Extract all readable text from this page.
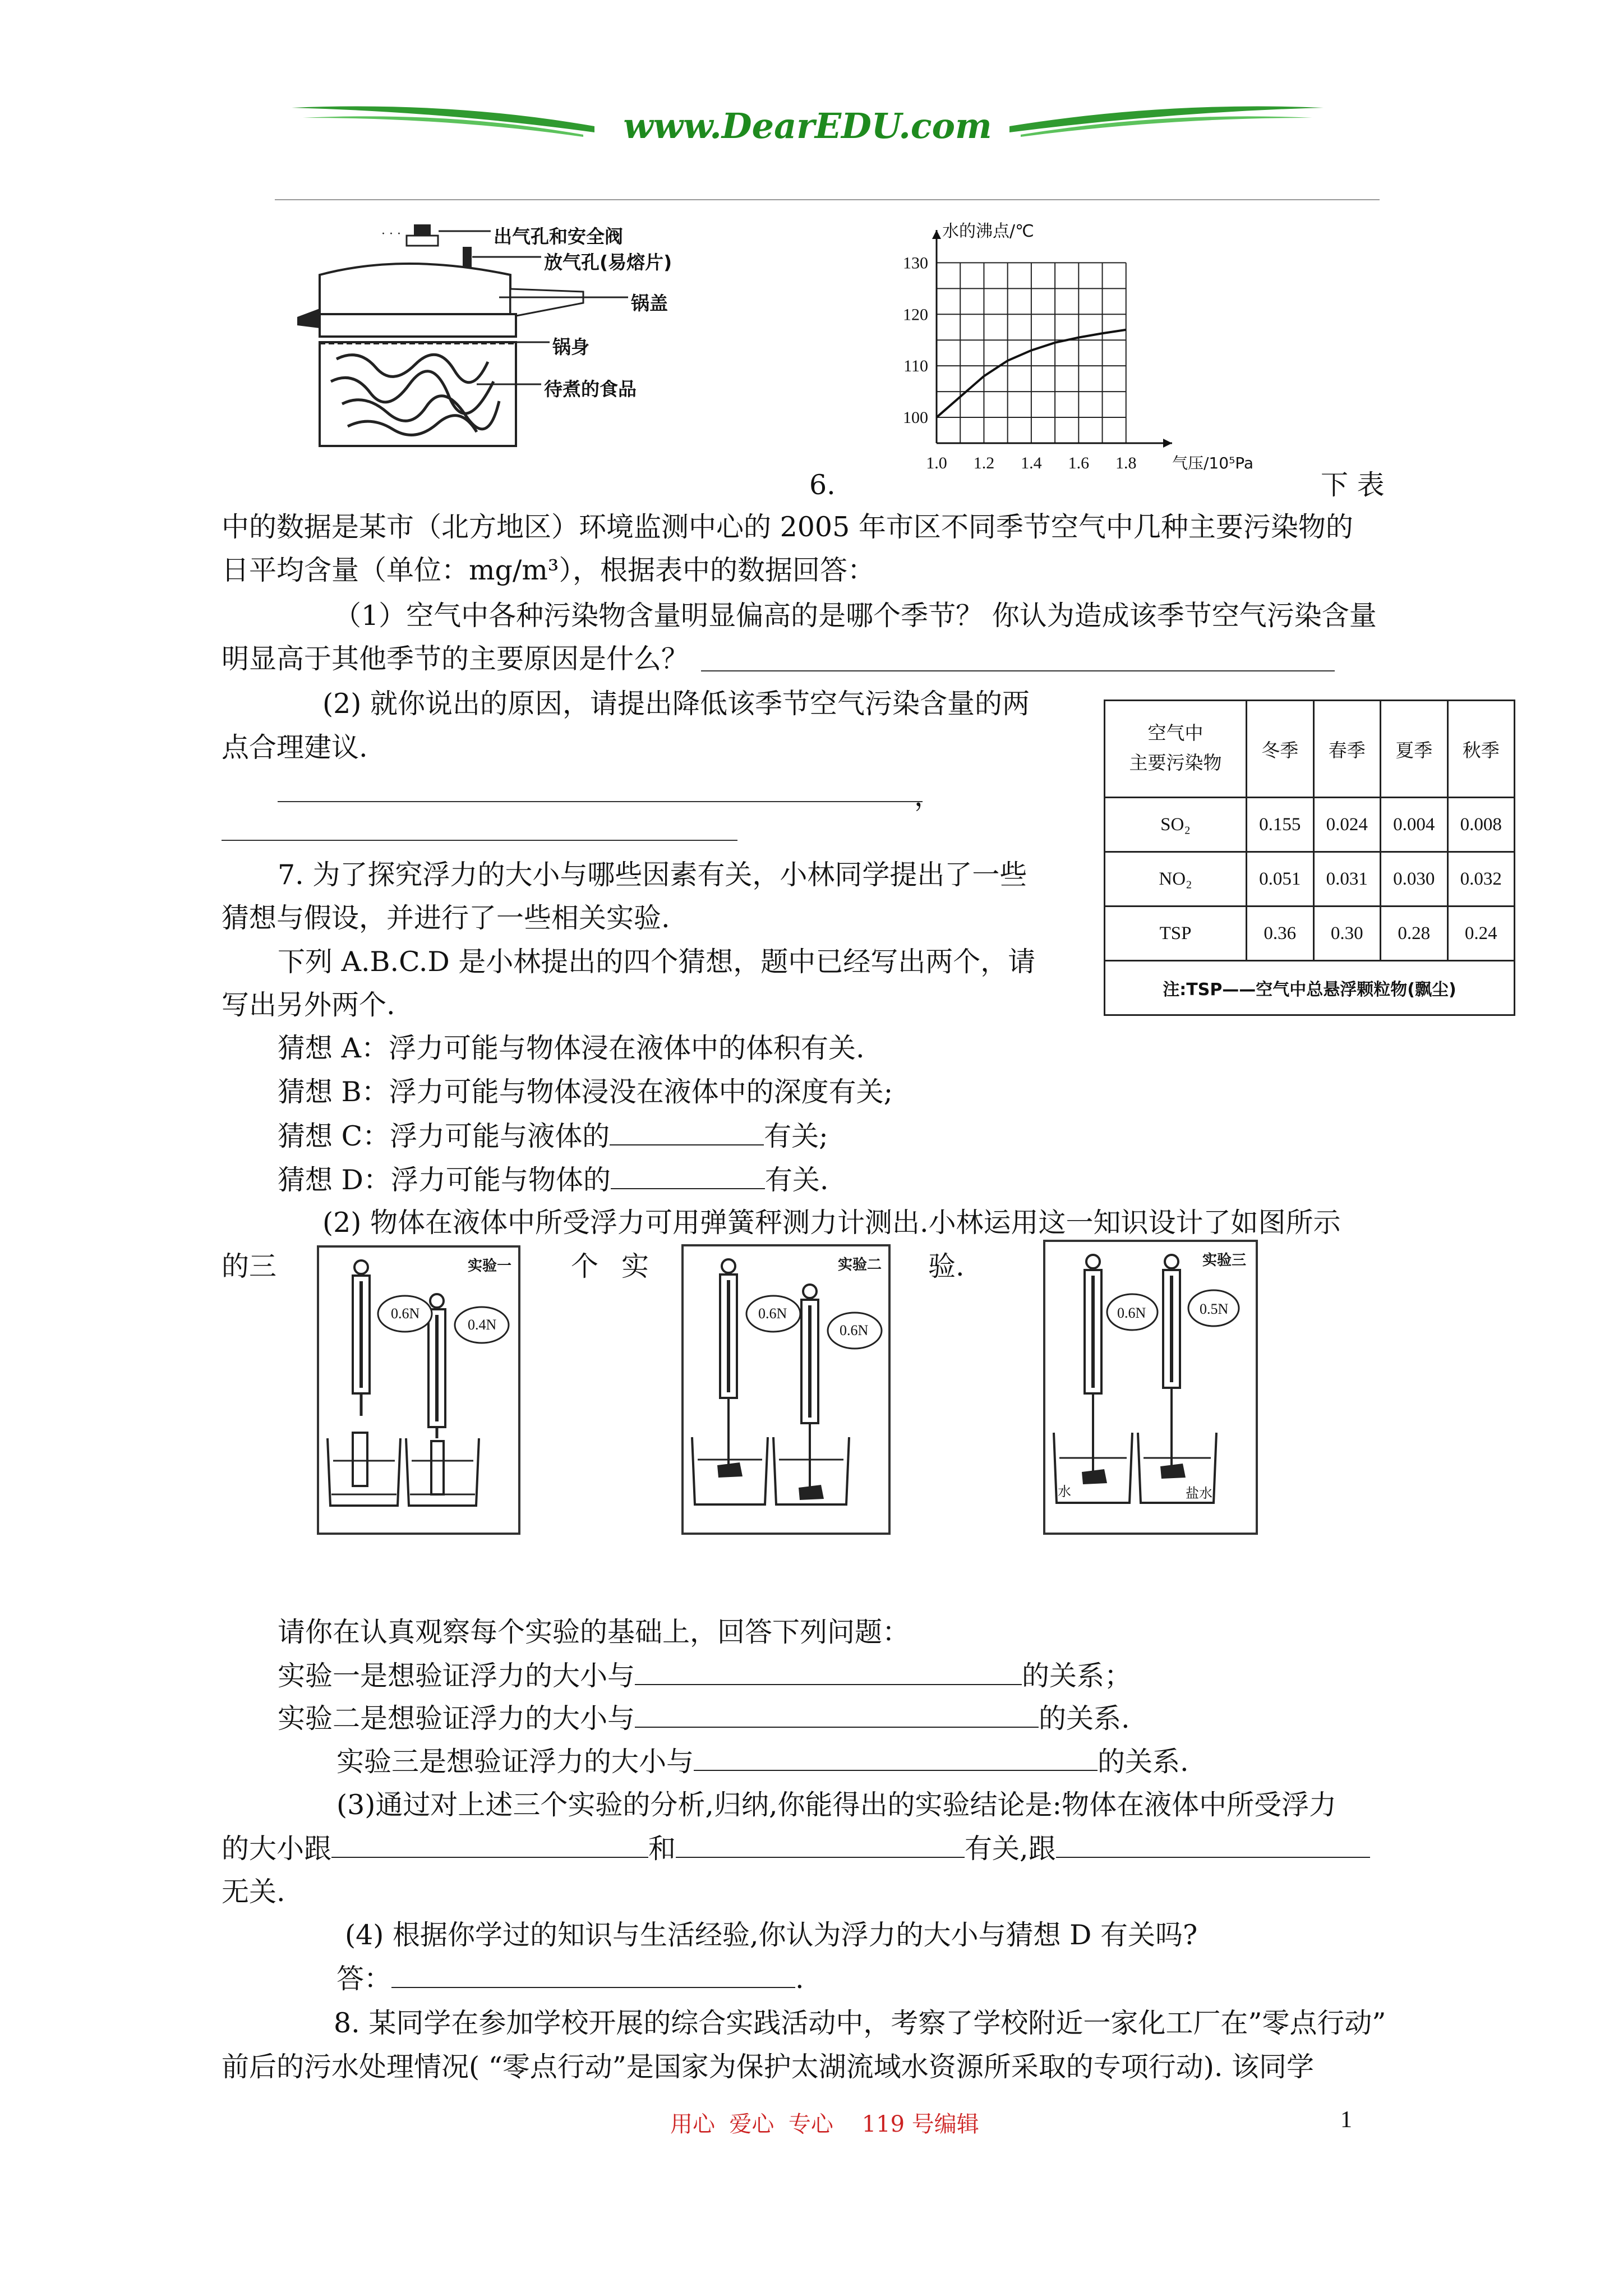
www.DearEDU.com
· · ·	出气孔和安全阀
放气孔(易熔片)
锅盖
锅身
待煮的食品
1.0 1.2 1.4 1.6 1.8
100
110
120
130
水的沸点/℃
气压/10⁵Pa
6.	下 表
中的数据是某市（北方地区）环境监测中心的 2005 年市区不同季节空气中几种主要污染物的
日平均含量（单位：mg/m³），根据表中的数据回答：
（1）空气中各种污染物含量明显偏高的是哪个季节？ 你认为造成该季节空气污染含量
明显高于其他季节的主要原因是什么？
(2) 就你说出的原因，请提出降低该季节空气污染含量的两
点合理建议.
，
空气中
主要污染物	冬季	春季	夏季	秋季
SO₂	0.155	0.024	0.004	0.008
NO₂	0.051	0.031	0.030	0.032
TSP	0.36	0.30	0.28	0.24
注:TSP——空气中总悬浮颗粒物(飘尘)				
7. 为了探究浮力的大小与哪些因素有关，小林同学提出了一些
猜想与假设，并进行了一些相关实验.
下列 A.B.C.D 是小林提出的四个猜想，题中已经写出两个，请
写出另外两个.
猜想 A：浮力可能与物体浸在液体中的体积有关.
猜想 B：浮力可能与物体浸没在液体中的深度有关;
猜想 C：浮力可能与液体的	有关;
猜想 D：浮力可能与物体的	有关.
(2) 物体在液体中所受浮力可用弹簧秤测力计测出.小林运用这一知识设计了如图所示
的三	个 实	验.
实验一
0.6N
0.4N
实验二
0.6N
0.6N
实验三
0.6N	0.5N
水	盐水
请你在认真观察每个实验的基础上，回答下列问题：
实验一是想验证浮力的大小与	的关系；
实验二是想验证浮力的大小与	的关系.
实验三是想验证浮力的大小与	的关系.
(3)通过对上述三个实验的分析,归纳,你能得出的实验结论是:物体在液体中所受浮力
的大小跟	和	有关,跟
无关.
(4) 根据你学过的知识与生活经验,你认为浮力的大小与猜想 D 有关吗?
答：	.
8. 某同学在参加学校开展的综合实践活动中，考察了学校附近一家化工厂在”零点行动”
前后的污水处理情况( “零点行动”是国家为保护太湖流域水资源所采取的专项行动). 该同学
用心  爱心  专心    119 号编辑	1
